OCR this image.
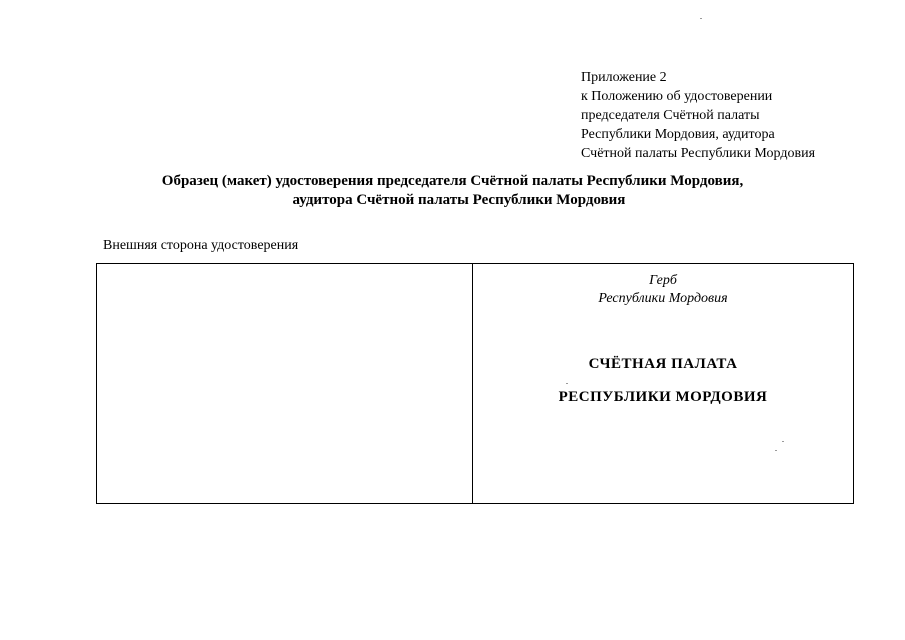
Приложение 2
к Положению об удостоверении
председателя Счётной палаты
Республики Мордовия, аудитора
Счётной палаты Республики Мордовия
Образец (макет) удостоверения председателя Счётной палаты Республики Мордовия,
аудитора Счётной палаты Республики Мордовия
Внешняя сторона удостоверения
Герб
Республики Мордовия
СЧЁТНАЯ ПАЛАТА
РЕСПУБЛИКИ МОРДОВИЯ
